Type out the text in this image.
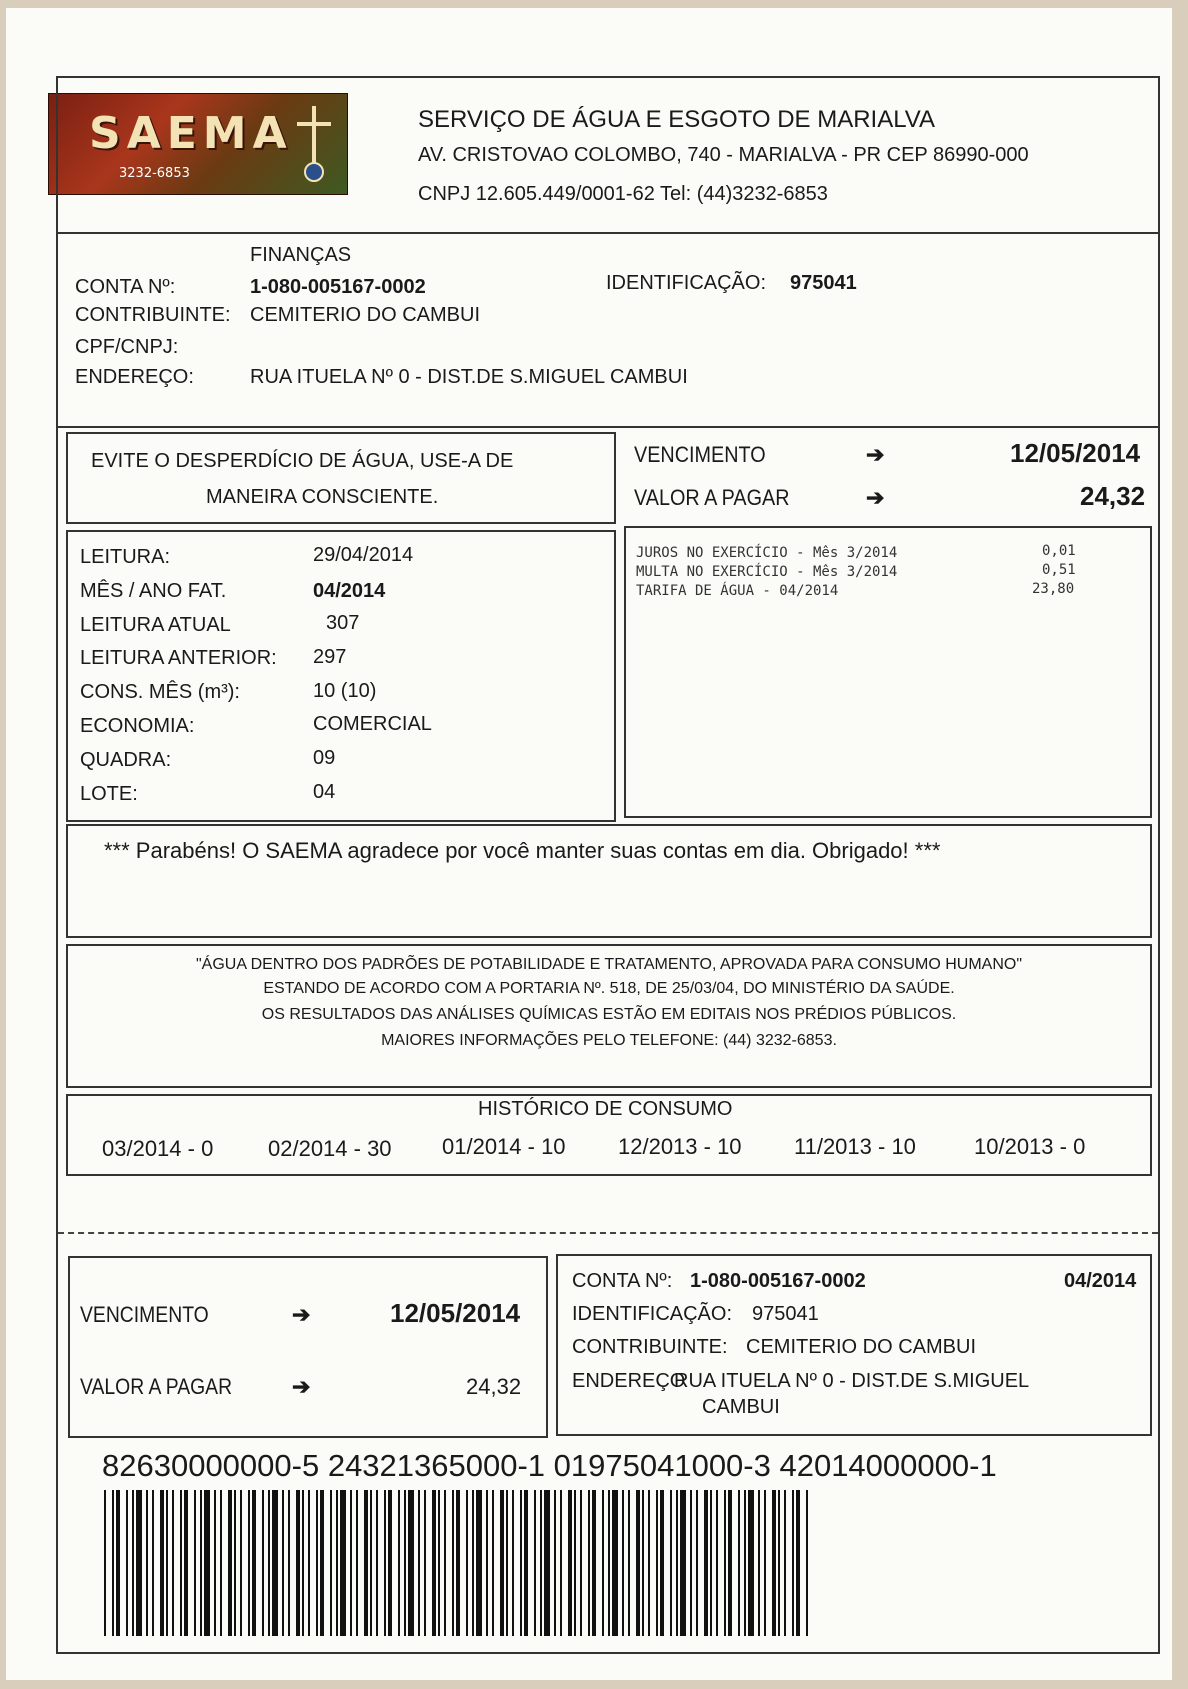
SAEMA
3232-6853
SERVIÇO DE ÁGUA E ESGOTO DE MARIALVA
AV. CRISTOVAO COLOMBO, 740 - MARIALVA - PR CEP 86990-000
CNPJ 12.605.449/0001-62 Tel: (44)3232-6853
FINANÇAS
CONTA Nº:	1-080-005167-0002	IDENTIFICAÇÃO: 975041
CONTRIBUINTE: CEMITERIO DO CAMBUI
CPF/CNPJ:
ENDEREÇO:	RUA ITUELA Nº 0 - DIST.DE S.MIGUEL CAMBUI
EVITE O DESPERDÍCIO DE ÁGUA, USE-A DE
MANEIRA CONSCIENTE.
VENCIMENTO	➔	12/05/2014
VALOR A PAGAR	➔	24,32
LEITURA:	29/04/2014
MÊS / ANO FAT.	04/2014
LEITURA ATUAL	307
LEITURA ANTERIOR: 297
CONS. MÊS (m³):	10 (10)
ECONOMIA:	COMERCIAL
QUADRA:	09
LOTE:	04
JUROS NO EXERCÍCIO - Mês 3/2014	0,01
MULTA NO EXERCÍCIO - Mês 3/2014	0,51
TARIFA DE ÁGUA - 04/2014	23,80
*** Parabéns! O SAEMA agradece por você manter suas contas em dia. Obrigado! ***
"ÁGUA DENTRO DOS PADRÕES DE POTABILIDADE E TRATAMENTO, APROVADA PARA CONSUMO HUMANO"
ESTANDO DE ACORDO COM A PORTARIA Nº. 518, DE 25/03/04, DO MINISTÉRIO DA SAÚDE.
OS RESULTADOS DAS ANÁLISES QUÍMICAS ESTÃO EM EDITAIS NOS PRÉDIOS PÚBLICOS.
MAIORES INFORMAÇÕES PELO TELEFONE: (44) 3232-6853.
HISTÓRICO DE CONSUMO
03/2014 - 0 02/2014 - 30 01/2014 - 10 12/2013 - 10 11/2013 - 10	10/2013 - 0
VENCIMENTO	➔	12/05/2014
VALOR A PAGAR	➔	24,32
CONTA Nº: 1-080-005167-0002	04/2014
IDENTIFICAÇÃO: 975041
CONTRIBUINTE: CEMITERIO DO CAMBUI
ENDEREÇO
RUA ITUELA Nº 0 - DIST.DE S.MIGUEL
CAMBUI
82630000000-5 24321365000-1 01975041000-3 42014000000-1
